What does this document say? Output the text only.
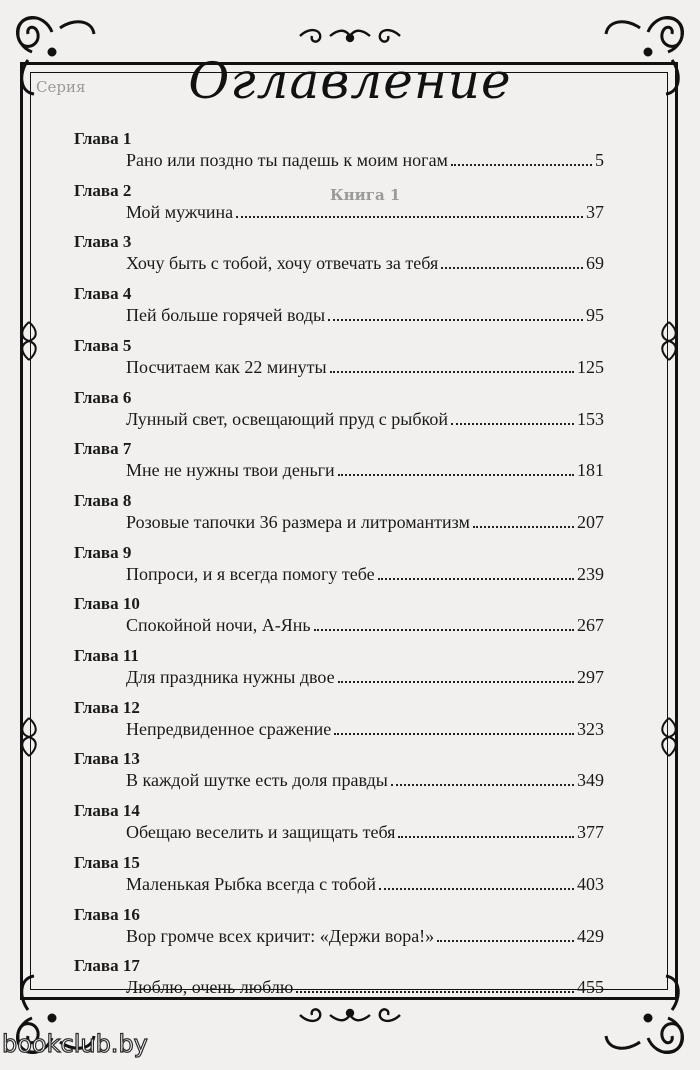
Серия
Книга 1
Оглавление
Глава 1
Рано или поздно ты падешь к моим ногам	5
Глава 2
Мой мужчина	37
Глава 3
Хочу быть с тобой, хочу отвечать за тебя	69
Глава 4
Пей больше горячей воды	95
Глава 5
Посчитаем как 22 минуты	125
Глава 6
Лунный свет, освещающий пруд с рыбкой	153
Глава 7
Мне не нужны твои деньги	181
Глава 8
Розовые тапочки 36 размера и литромантизм	207
Глава 9
Попроси, и я всегда помогу тебе	239
Глава 10
Спокойной ночи, А-Янь	267
Глава 11
Для праздника нужны двое	297
Глава 12
Непредвиденное сражение	323
Глава 13
В каждой шутке есть доля правды	349
Глава 14
Обещаю веселить и защищать тебя	377
Глава 15
Маленькая Рыбка всегда с тобой	403
Глава 16
Вор громче всех кричит: «Держи вора!»	429
Глава 17
Люблю, очень люблю	455
bookclub.by
